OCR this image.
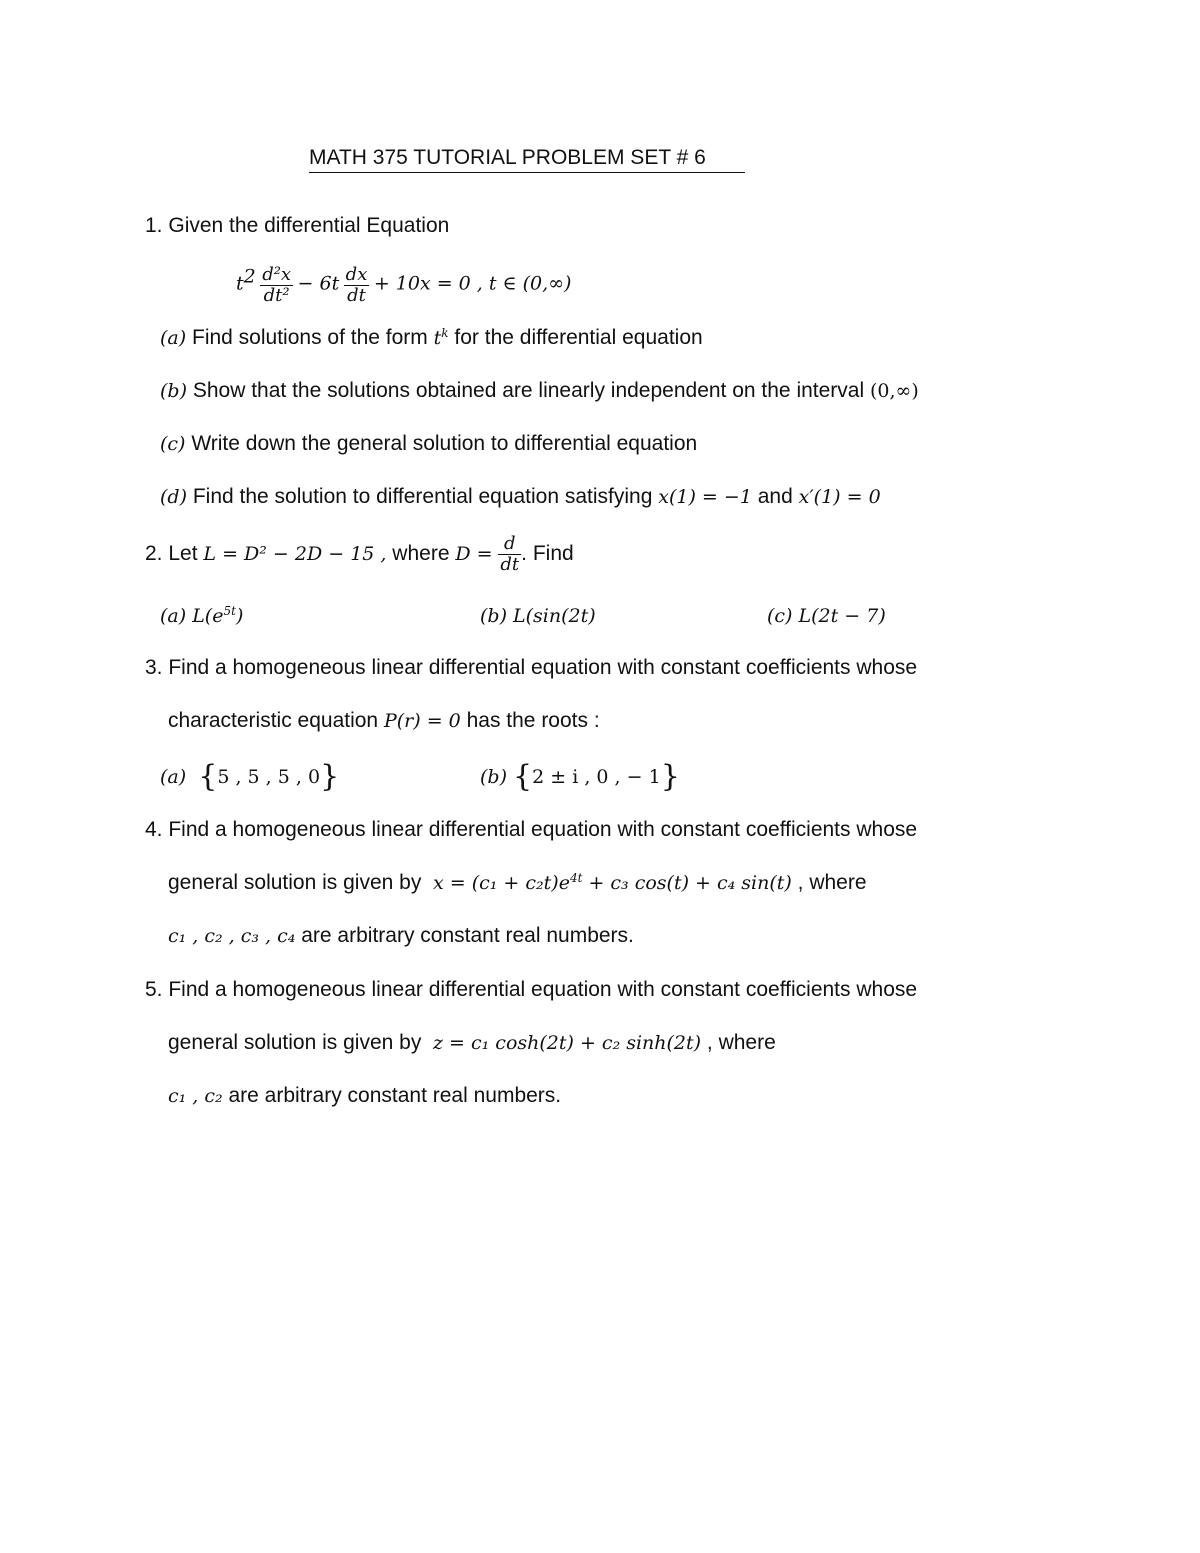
MATH 375 TUTORIAL PROBLEM SET # 6
1. Given the differential Equation
$t^2 \frac{\text{d²x}}{\text{dt²}} - 6t \frac{dx}{dt} + 10x = 0$ , t ∈ (0,∞)
(a) Find solutions of the form $t^k$ for the differential equation
(b) Show that the solutions obtained are linearly independent on the interval (0,∞)
(c) Write down the general solution to differential equation
(d) Find the solution to differential equation satisfying x(1) = −1 and x′(1) = 0
2. Let L = D² − 2D − 15 , where $D = \frac{d}{dt}$ . Find
(a) $L(e^{5t})$	(b) L(sin(2t)	(c) L(2t − 7)
3. Find a homogeneous linear differential equation with constant coefficients whose
characteristic equation P(r) = 0 has the roots :
(a) {5 , 5 , 5 , 0}	(b) {2 ± i , 0 , − 1}
4. Find a homogeneous linear differential equation with constant coefficients whose
general solution is given by $x = (c_1 + c_2t)e^{4t} + c_3$ cos(t) + c₄ sin(t) , where
c₁ , c₂ , c₃ , c₄ are arbitrary constant real numbers.
5. Find a homogeneous linear differential equation with constant coefficients whose
general solution is given by z = c₁ cosh(2t) + c₂ sinh(2t) , where
c₁ , c₂ are arbitrary constant real numbers.
